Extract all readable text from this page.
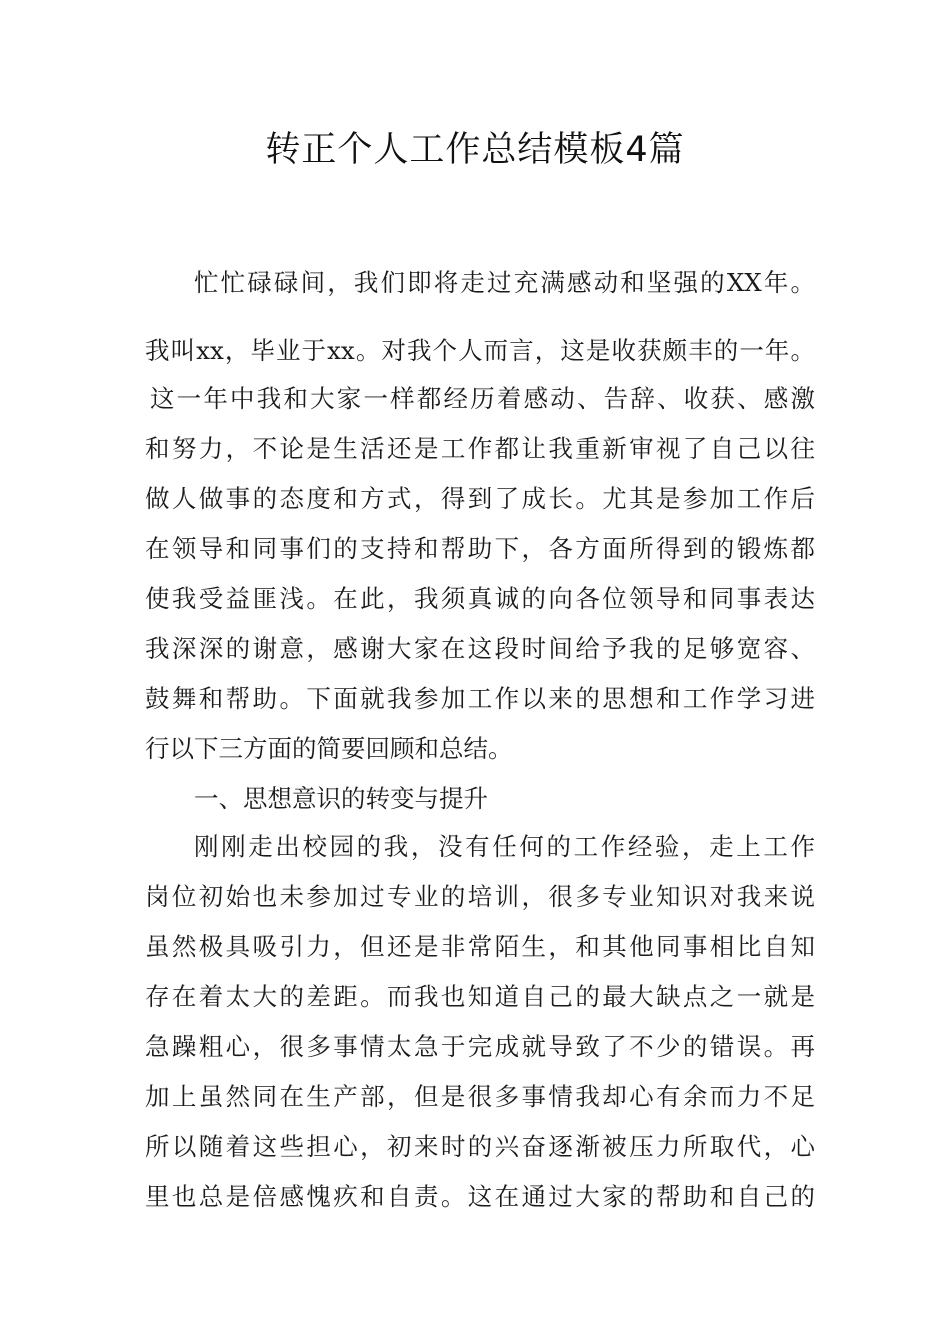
转正个人工作总结模板4篇
忙忙碌碌间，我们即将走过充满感动和坚强的XX年。
我叫xx，毕业于xx。对我个人而言，这是收获颇丰的一年。
这一年中我和大家一样都经历着感动、告辞、收获、感激
和努力，不论是生活还是工作都让我重新审视了自己以往
做人做事的态度和方式，得到了成长。尤其是参加工作后
在领导和同事们的支持和帮助下，各方面所得到的锻炼都
使我受益匪浅。在此，我须真诚的向各位领导和同事表达
我深深的谢意，感谢大家在这段时间给予我的足够宽容、
鼓舞和帮助。下面就我参加工作以来的思想和工作学习进
行以下三方面的简要回顾和总结。
一、思想意识的转变与提升
刚刚走出校园的我，没有任何的工作经验，走上工作
岗位初始也未参加过专业的培训，很多专业知识对我来说
虽然极具吸引力，但还是非常陌生，和其他同事相比自知
存在着太大的差距。而我也知道自己的最大缺点之一就是
急躁粗心，很多事情太急于完成就导致了不少的错误。再
加上虽然同在生产部，但是很多事情我却心有余而力不足
所以随着这些担心，初来时的兴奋逐渐被压力所取代，心
里也总是倍感愧疚和自责。这在通过大家的帮助和自己的
